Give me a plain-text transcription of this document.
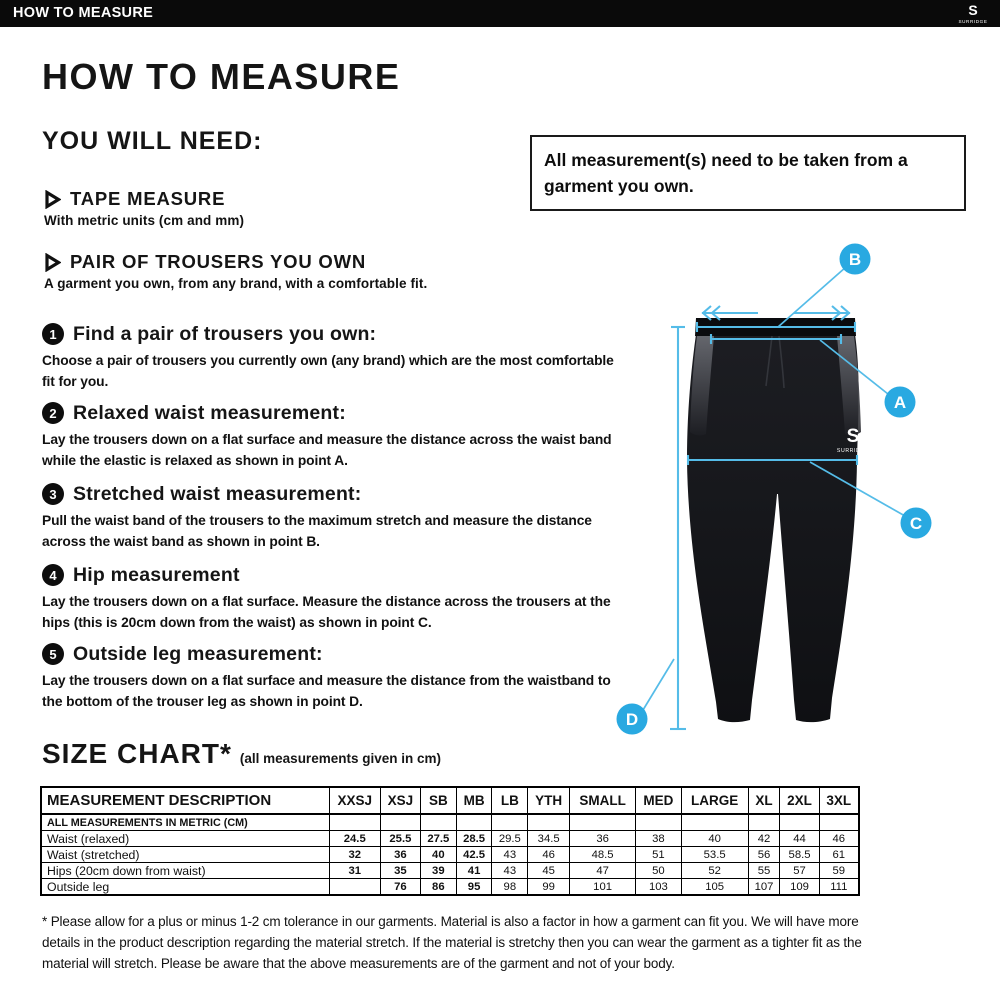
HOW TO MEASURE	S
SURRIDGE
HOW TO MEASURE
YOU WILL NEED:
TAPE MEASURE
With metric units (cm and mm)
PAIR OF TROUSERS YOU OWN
A garment you own, from any brand, with a comfortable fit.
All measurement(s) need to be taken from a garment you own.
1 Find a pair of trousers you own:
Choose a pair of trousers you currently own (any brand) which are the most comfortable fit for you.
2 Relaxed waist measurement:
Lay the trousers down on a flat surface and measure the distance across the waist band while the elastic is relaxed as shown in point A.
3 Stretched waist measurement:
Pull the waist band of the trousers to the maximum stretch and measure the distance across the waist band as shown in point B.
4 Hip measurement
Lay the trousers down on a flat surface. Measure the distance across the trousers at the hips (this is 20cm down from the waist) as shown in point C.
5 Outside leg measurement:
Lay the trousers down on a flat surface and measure the distance from the waistband to the bottom of the trouser leg as shown in point D.
S
SURRIDGE
B
A
C
D
SIZE CHART* (all measurements given in cm)
MEASUREMENT DESCRIPTION	XXSJ	XSJ	SB	MB	LB	YTH	SMALL	MED	LARGE	XL	2XL	3XL
ALL MEASUREMENTS IN METRIC (CM)												
Waist (relaxed)	24.5	25.5	27.5	28.5	29.5	34.5	36	38	40	42	44	46
Waist (stretched)	32	36	40	42.5	43	46	48.5	51	53.5	56	58.5	61
Hips (20cm down from waist)	31	35	39	41	43	45	47	50	52	55	57	59
Outside leg		76	86	95	98	99	101	103	105	107	109	111
* Please allow for a plus or minus 1-2 cm tolerance in our garments. Material is also a factor in how a garment can fit you. We will have more details in the product description regarding the material stretch. If the material is stretchy then you can wear the garment as a tighter fit as the material will stretch. Please be aware that the above measurements are of the garment and not of your body.
